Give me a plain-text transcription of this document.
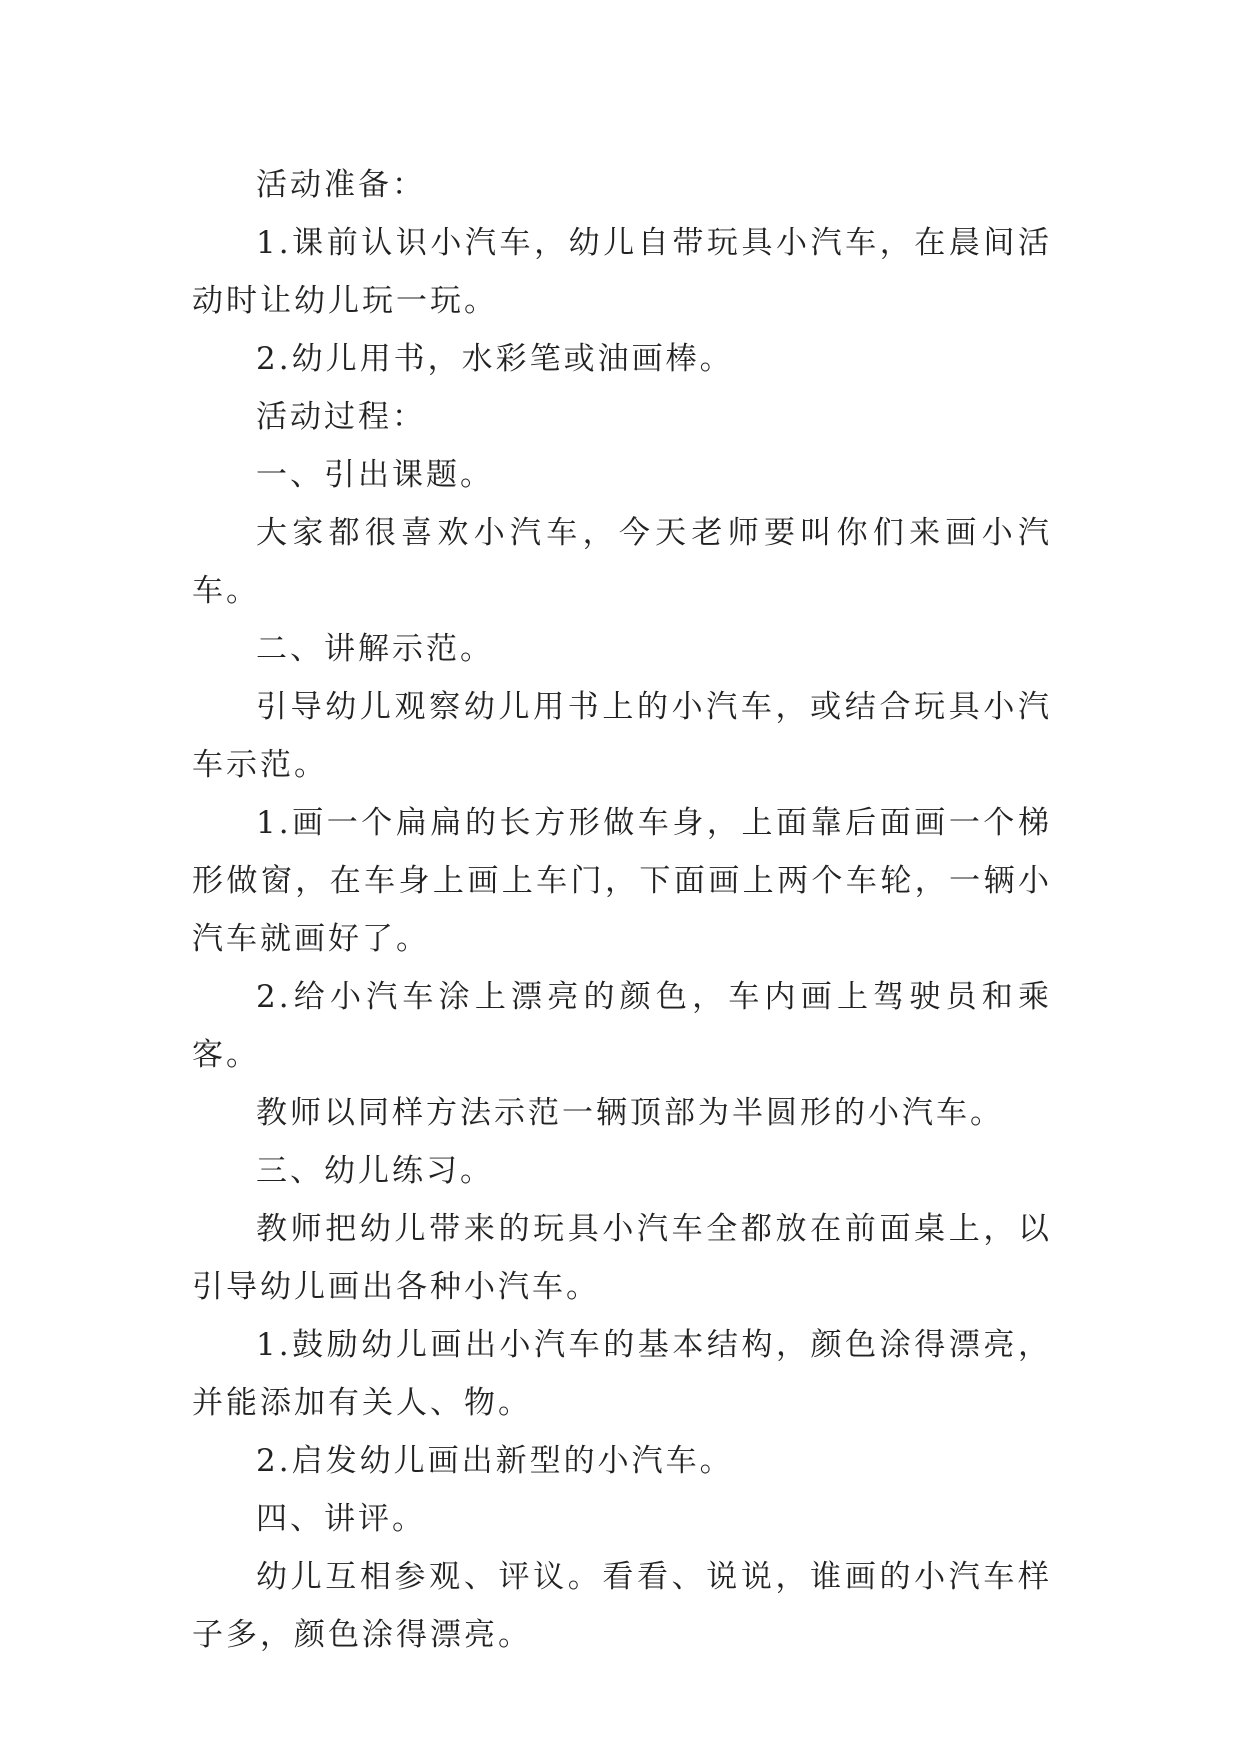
活动准备：

1.课前认识小汽车，幼儿自带玩具小汽车，在晨间活动时让幼儿玩一玩。

2.幼儿用书，水彩笔或油画棒。

活动过程：

一、引出课题。

大家都很喜欢小汽车，今天老师要叫你们来画小汽车。

二、讲解示范。

引导幼儿观察幼儿用书上的小汽车，或结合玩具小汽车示范。

1.画一个扁扁的长方形做车身，上面靠后面画一个梯形做窗，在车身上画上车门，下面画上两个车轮，一辆小汽车就画好了。

2.给小汽车涂上漂亮的颜色，车内画上驾驶员和乘客。

教师以同样方法示范一辆顶部为半圆形的小汽车。

三、幼儿练习。

教师把幼儿带来的玩具小汽车全都放在前面桌上，以引导幼儿画出各种小汽车。

1.鼓励幼儿画出小汽车的基本结构，颜色涂得漂亮，并能添加有关人、物。

2.启发幼儿画出新型的小汽车。

四、讲评。

幼儿互相参观、评议。看看、说说，谁画的小汽车样子多，颜色涂得漂亮。
